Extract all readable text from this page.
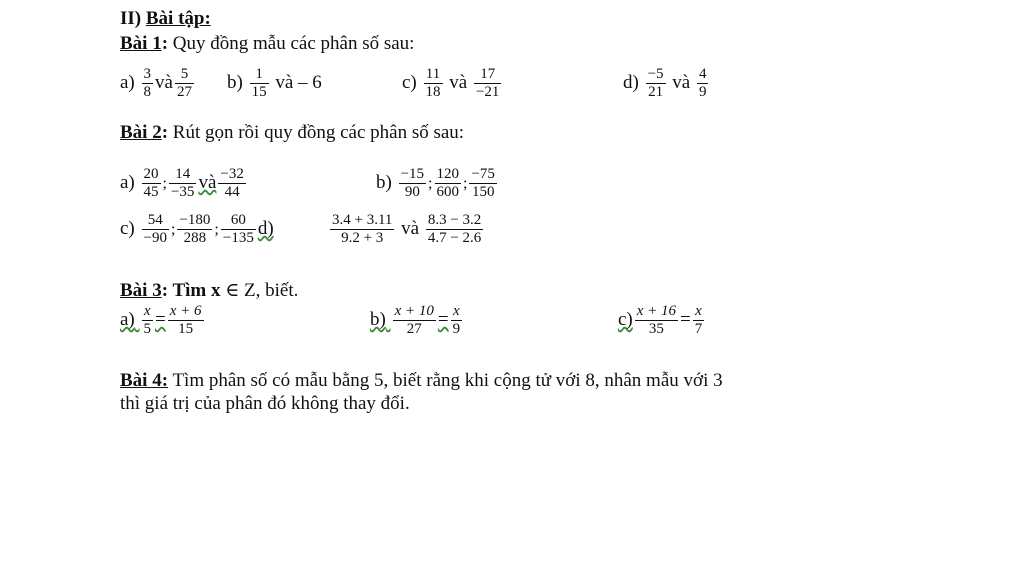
II) Bài tập:
Bài 1: Quy đồng mẫu các phân số sau:
$a) \frac{3}{8}$ và $\frac{5}{27} b) \frac{1}{15}$ và – 6	$c) \frac{11}{18}$ và $\frac{17}{-21}$	$d) \frac{-5}{21}$ và $\frac{4}{9}$
Bài 2: Rút gọn rồi quy đồng các phân số sau:
$a) \frac{20}{45}$ ; $\frac{14}{-35}$ và $\frac{-32}{44}$	$b) \frac{-15}{90}$ ; $\frac{120}{600}$ ; $\frac{-75}{150}$
$c) \frac{54}{-90}$ ; $\frac{-180}{288}$ ; $\frac{60}{-135} d$)	$\frac{3.4 + 3.11}{9.2 + 3}$ và $\frac{8.3 - 3.2}{4.7 - 2.6}$
Bài 3: Tìm x ∈ Z, biết.
$a) \frac{x}{5} = \frac{x + 6}{15}$	$b) \frac{x + 10}{27} = \frac{x}{9}$	$c) \frac{x + 16}{35} = \frac{x}{7}$
Bài 4: Tìm phân số có mẫu bằng 5, biết rằng khi cộng tử với 8, nhân mẫu với 3
thì giá trị của phân đó không thay đổi.
